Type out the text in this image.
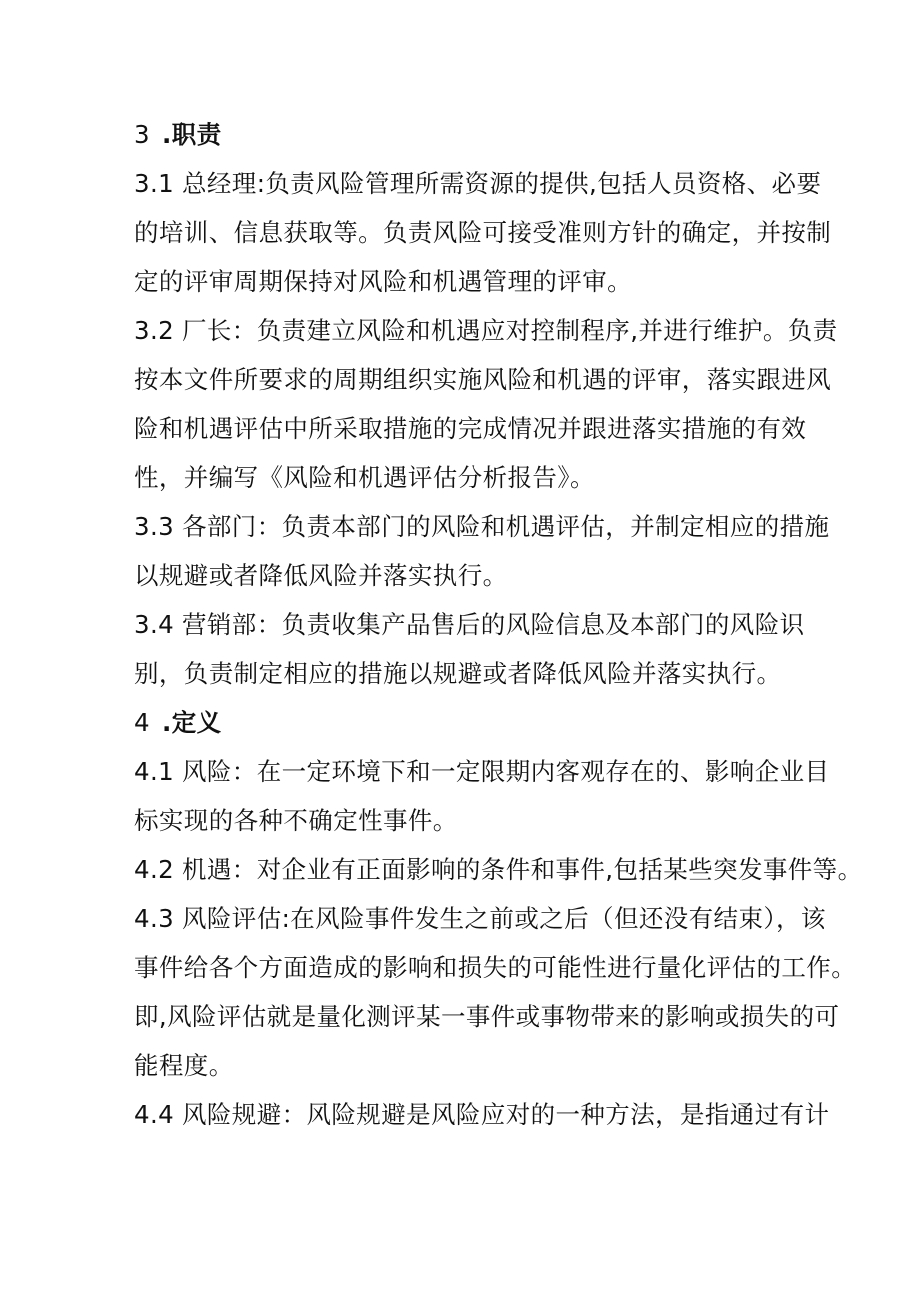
3 .职责
3.1 总经理:负责风险管理所需资源的提供,包括人员资格、必要
的培训、信息获取等。负责风险可接受准则方针的确定，并按制
定的评审周期保持对风险和机遇管理的评审。
3.2 厂长：负责建立风险和机遇应对控制程序,并进行维护。负责
按本文件所要求的周期组织实施风险和机遇的评审，落实跟进风
险和机遇评估中所采取措施的完成情况并跟进落实措施的有效
性，并编写《风险和机遇评估分析报告》。
3.3 各部门：负责本部门的风险和机遇评估，并制定相应的措施
以规避或者降低风险并落实执行。
3.4 营销部：负责收集产品售后的风险信息及本部门的风险识
别，负责制定相应的措施以规避或者降低风险并落实执行。
4 .定义
4.1 风险：在一定环境下和一定限期内客观存在的、影响企业目
标实现的各种不确定性事件。
4.2 机遇：对企业有正面影响的条件和事件,包括某些突发事件等。
4.3 风险评估:在风险事件发生之前或之后（但还没有结束），该
事件给各个方面造成的影响和损失的可能性进行量化评估的工作。
即,风险评估就是量化测评某一事件或事物带来的影响或损失的可
能程度。
4.4 风险规避：风险规避是风险应对的一种方法，是指通过有计
